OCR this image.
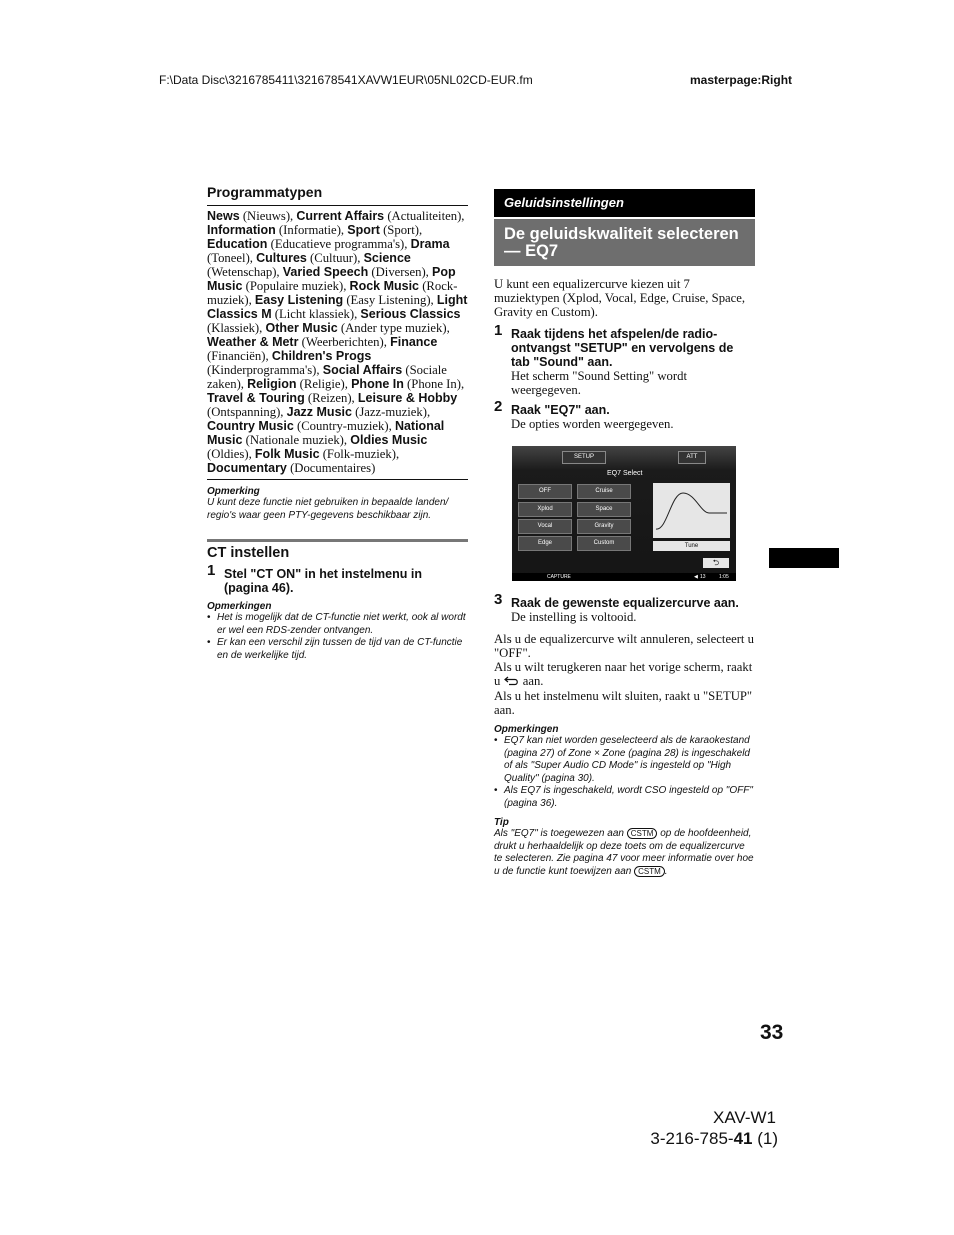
F:\Data Disc\3216785411\321678541XAVW1EUR\05NL02CD-EUR.fm	masterpage:Right
Programmatypen
News (Nieuws), Current Affairs (Actualiteiten), Information (Informatie), Sport (Sport), Education (Educatieve programma's), Drama (Toneel), Cultures (Cultuur), Science (Wetenschap), Varied Speech (Diversen), Pop Music (Populaire muziek), Rock Music (Rock-muziek), Easy Listening (Easy Listening), Light Classics M (Licht klassiek), Serious Classics (Klassiek), Other Music (Ander type muziek), Weather & Metr (Weerberichten), Finance (Financiën), Children's Progs (Kinderprogramma's), Social Affairs (Sociale zaken), Religion (Religie), Phone In (Phone In), Travel & Touring (Reizen), Leisure & Hobby (Ontspanning), Jazz Music (Jazz-muziek), Country Music (Country-muziek), National Music (Nationale muziek), Oldies Music (Oldies), Folk Music (Folk-muziek), Documentary (Documentaires)
Opmerking
U kunt deze functie niet gebruiken in bepaalde landen/ regio's waar geen PTY-gegevens beschikbaar zijn.
CT instellen
1 Stel "CT ON" in het instelmenu in (pagina 46).
Opmerkingen
• Het is mogelijk dat de CT-functie niet werkt, ook al wordt er wel een RDS-zender ontvangen.
• Er kan een verschil zijn tussen de tijd van de CT-functie en de werkelijke tijd.
Geluidsinstellingen
De geluidskwaliteit selecteren — EQ7
U kunt een equalizercurve kiezen uit 7 muziektypen (Xplod, Vocal, Edge, Cruise, Space, Gravity en Custom).
1 Raak tijdens het afspelen/de radio-ontvangst "SETUP" en vervolgens de tab "Sound" aan.
Het scherm "Sound Setting" wordt weergegeven.
2 Raak "EQ7" aan.
De opties worden weergegeven.
SETUP	ATT
EQ7 Select
OFF	Cruise
Xplod	Space
Vocal	Gravity
Edge	Custom	Tune
⮌
CAPTURE	◀ 13	1:05
3 Raak de gewenste equalizercurve aan.
De instelling is voltooid.
Als u de equalizercurve wilt annuleren, selecteert u "OFF".
Als u wilt terugkeren naar het vorige scherm, raakt u aan.
Als u het instelmenu wilt sluiten, raakt u "SETUP" aan.
Opmerkingen
• EQ7 kan niet worden geselecteerd als de karaokestand (pagina 27) of Zone × Zone (pagina 28) is ingeschakeld of als "Super Audio CD Mode" is ingesteld op "High Quality" (pagina 30).
• Als EQ7 is ingeschakeld, wordt CSO ingesteld op "OFF" (pagina 36).
Tip
Als "EQ7" is toegewezen aan CSTM op de hoofdeenheid, drukt u herhaaldelijk op deze toets om de equalizercurve te selecteren. Zie pagina 47 voor meer informatie over hoe u de functie kunt toewijzen aan CSTM .
33
XAV-W1
3-216-785-41 (1)
